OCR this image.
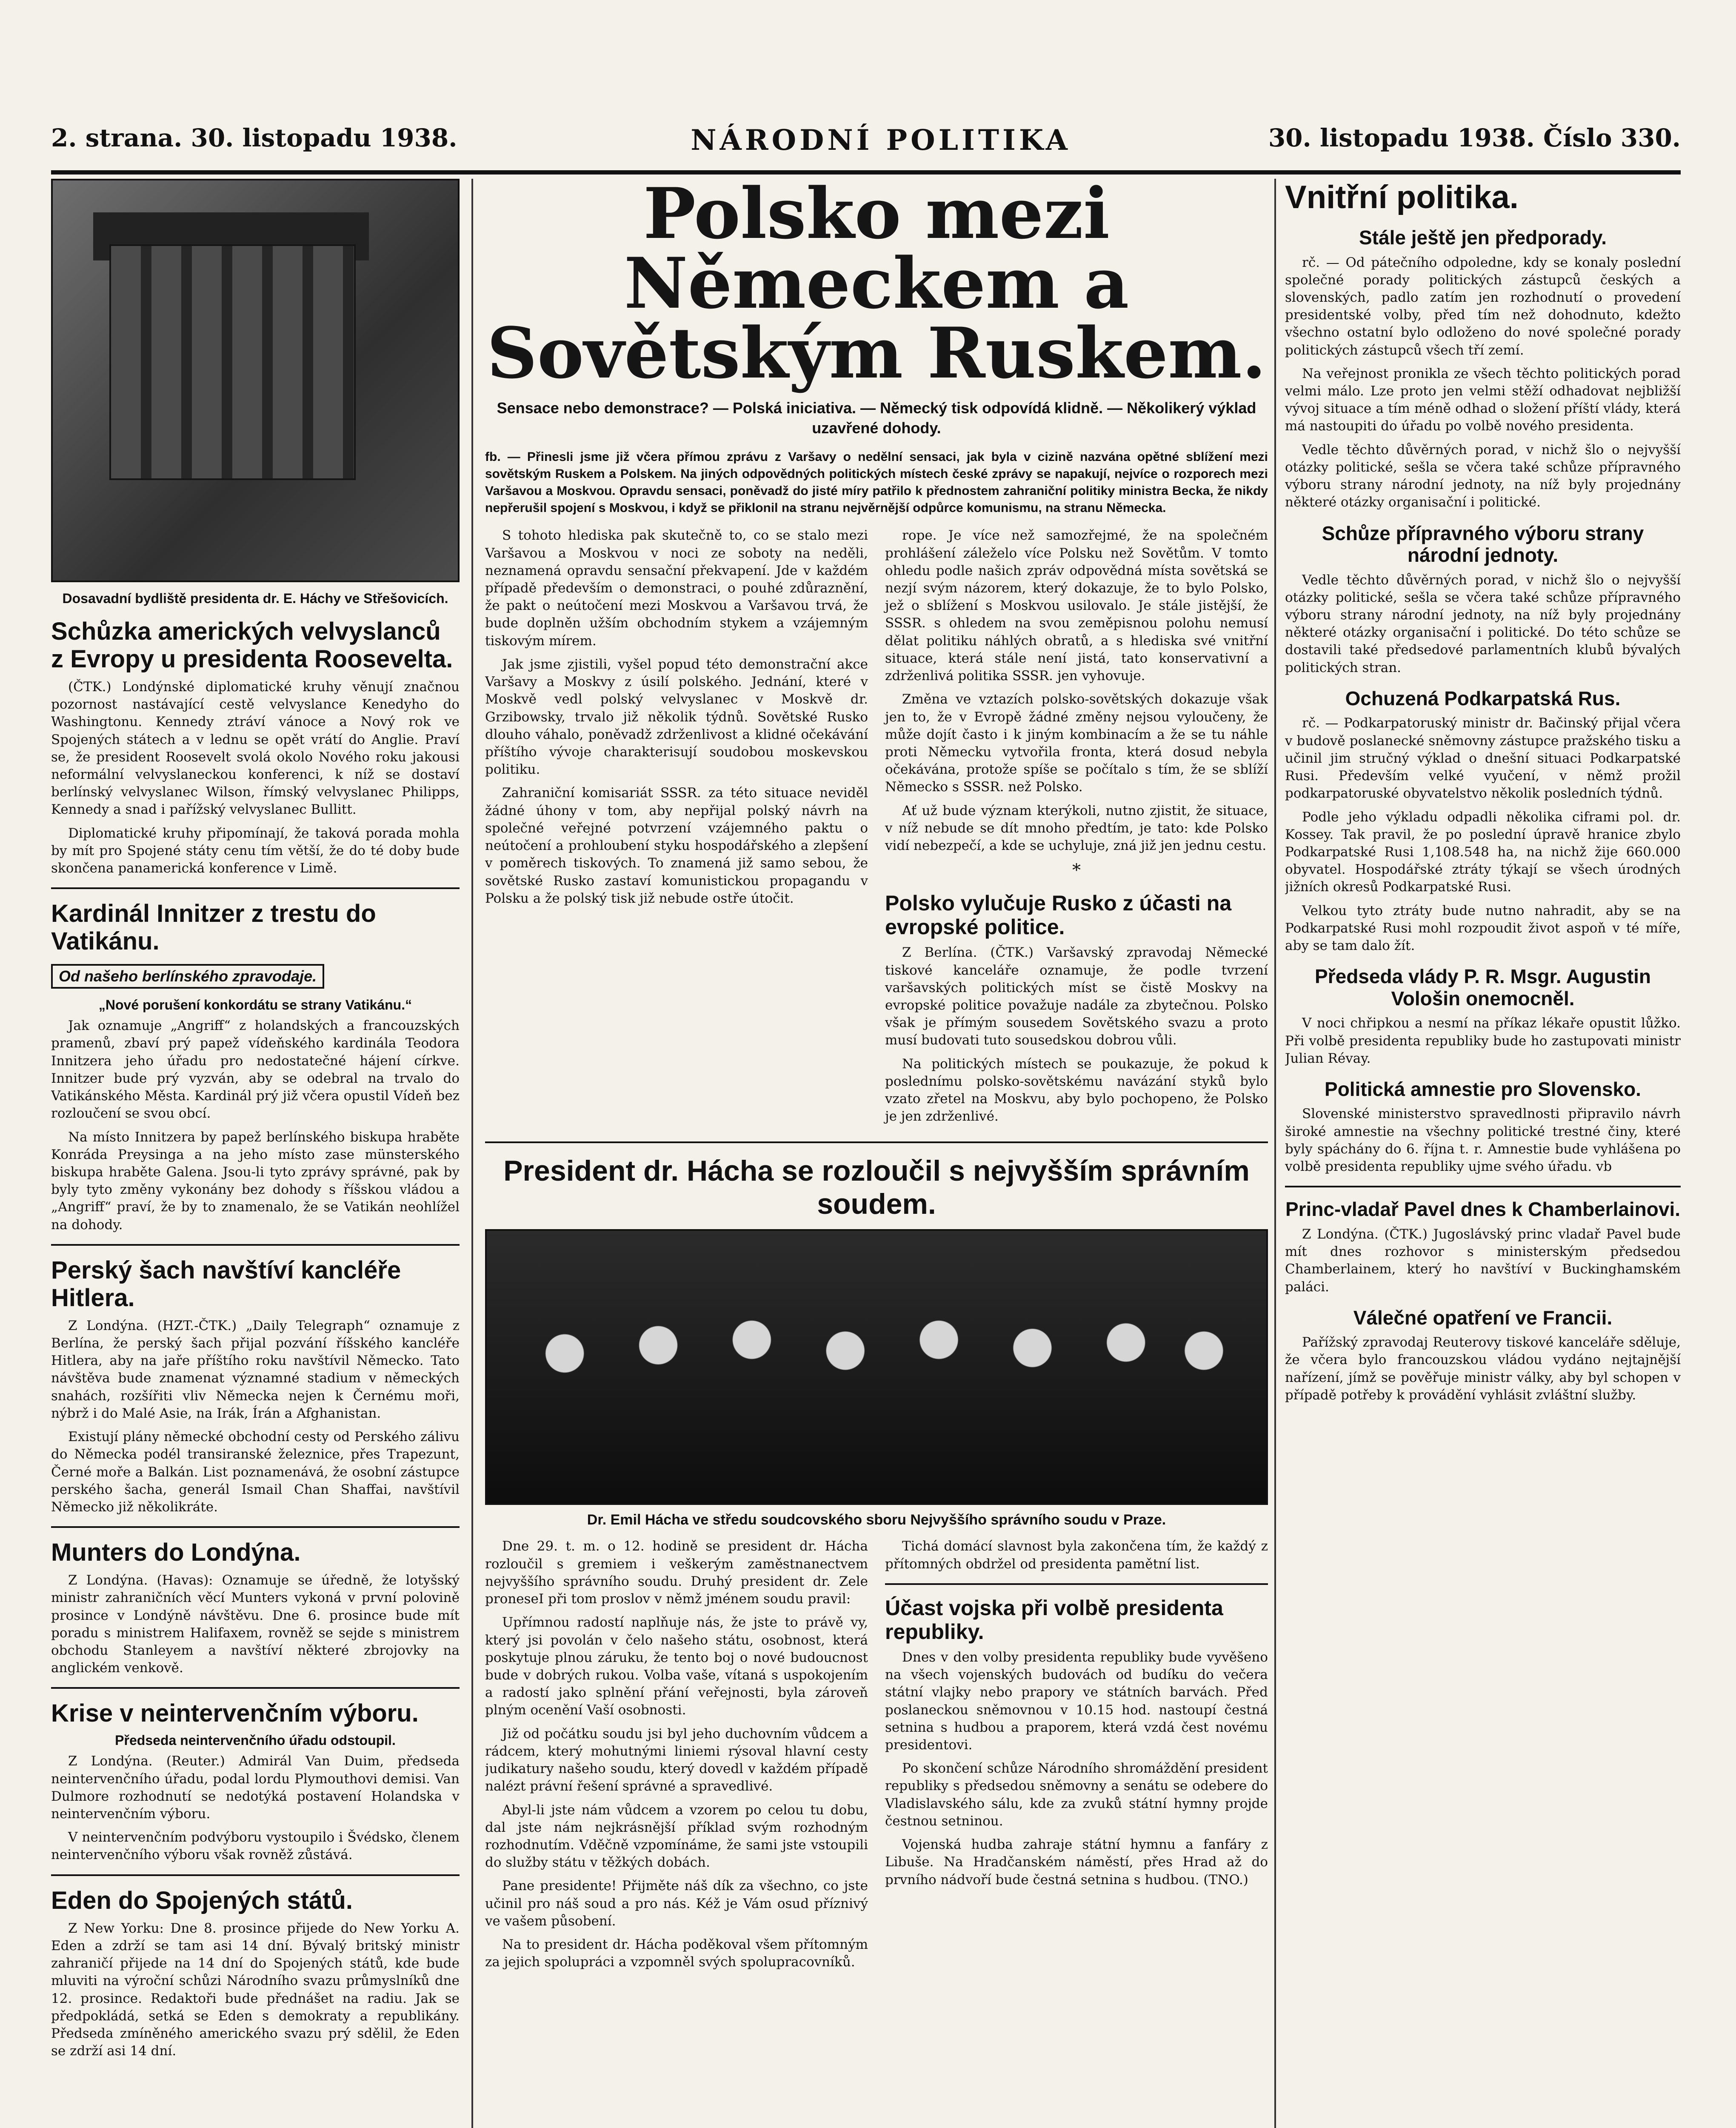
2. strana. 30. listopadu 1938.	NÁRODNÍ POLITIKA	30. listopadu 1938. Číslo 330.
Dosavadní bydliště presidenta dr. E. Háchy ve Střešovicích.
Schůzka amerických velvyslanců z Evropy u presidenta Roosevelta.

(ČTK.) Londýnské diplomatické kruhy věnují značnou pozornost nastávající cestě velvyslance Kenedyho do Washingtonu. Kennedy ztráví vánoce a Nový rok ve Spojených státech a v lednu se opět vrátí do Anglie. Praví se, že president Roosevelt svolá okolo Nového roku jakousi neformální velvyslaneckou konferenci, k níž se dostaví berlínský velvyslanec Wilson, římský velvyslanec Philipps, Kennedy a snad i pařížský velvyslanec Bullitt.

Diplomatické kruhy připomínají, že taková porada mohla by mít pro Spojené státy cenu tím větší, že do té doby bude skončena panamerická konference v Limě.

Kardinál Innitzer z trestu do Vatikánu.
Od našeho berlínského zpravodaje.
„Nové porušení konkordátu se strany Vatikánu.“

Jak oznamuje „Angriff“ z holandských a francouzských pramenů, zbaví prý papež vídeňského kardinála Teodora Innitzera jeho úřadu pro nedostatečné hájení církve. Innitzer bude prý vyzván, aby se odebral na trvalo do Vatikánského Města. Kardinál prý již včera opustil Vídeň bez rozloučení se svou obcí.

Na místo Innitzera by papež berlínského biskupa hraběte Konráda Preysinga a na jeho místo zase münsterského biskupa hraběte Galena. Jsou-li tyto zprávy správné, pak by byly tyto změny vykonány bez dohody s říšskou vládou a „Angriff“ praví, že by to znamenalo, že se Vatikán neohlížel na dohody.

Perský šach navštíví kancléře Hitlera.

Z Londýna. (HZT.-ČTK.) „Daily Telegraph“ oznamuje z Berlína, že perský šach přijal pozvání říšského kancléře Hitlera, aby na jaře příštího roku navštívil Německo. Tato návštěva bude znamenat významné stadium v německých snahách, rozšířiti vliv Německa nejen k Černému moři, nýbrž i do Malé Asie, na Irák, Írán a Afghanistan.

Existují plány německé obchodní cesty od Perského zálivu do Německa podél transiranské železnice, přes Trapezunt, Černé moře a Balkán. List poznamenává, že osobní zástupce perského šacha, generál Ismail Chan Shaffai, navštívil Německo již několikráte.

Munters do Londýna.

Z Londýna. (Havas): Oznamuje se úředně, že lotyšský ministr zahraničních věcí Munters vykoná v první polovině prosince v Londýně návštěvu. Dne 6. prosince bude mít poradu s ministrem Halifaxem, rovněž se sejde s ministrem obchodu Stanleyem a navštíví některé zbrojovky na anglickém venkově.

Krise v neintervenčním výboru.
Předseda neintervenčního úřadu odstoupil.

Z Londýna. (Reuter.) Admirál Van Duim, předseda neintervenčního úřadu, podal lordu Plymouthovi demisi. Van Dulmore rozhodnutí se nedotýká postavení Holandska v neintervenčním výboru.

V neintervenčním podvýboru vystoupilo i Švédsko, členem neintervenčního výboru však rovněž zůstává.

Eden do Spojených států.

Z New Yorku: Dne 8. prosince přijede do New Yorku A. Eden a zdrží se tam asi 14 dní. Bývalý britský ministr zahraničí přijede na 14 dní do Spojených států, kde bude mluviti na výroční schůzi Národního svazu průmyslníků dne 12. prosince. Redaktoři bude přednášet na radiu. Jak se předpokládá, setká se Eden s demokraty a republikány. Předseda zmíněného amerického svazu prý sdělil, že Eden se zdrží asi 14 dní.

Polsko mezi Německem a Sovětským Ruskem.
Sensace nebo demonstrace? — Polská iniciativa. — Německý tisk odpovídá klidně. — Několikerý výklad uzavřené dohody.
fb. — Přinesli jsme již včera přímou zprávu z Varšavy o nedělní sensaci, jak byla v cizině nazvána opětné sblížení mezi sovětským Ruskem a Polskem. Na jiných odpovědných politických místech české zprávy se napakují, nejvíce o rozporech mezi Varšavou a Moskvou. Opravdu sensaci, poněvadž do jisté míry patřilo k přednostem zahraniční politiky ministra Becka, že nikdy nepřerušil spojení s Moskvou, i když se přiklonil na stranu nejvěrnější odpůrce komunismu, na stranu Německa.

S tohoto hlediska pak skutečně to, co se stalo mezi Varšavou a Moskvou v noci ze soboty na neděli, neznamená opravdu sensační překvapení. Jde v každém případě především o demonstraci, o pouhé zdůraznění, že pakt o neútočení mezi Moskvou a Varšavou trvá, že bude doplněn užším obchodním stykem a vzájemným tiskovým mírem.

Jak jsme zjistili, vyšel popud této demonstrační akce Varšavy a Moskvy z úsilí polského. Jednání, které v Moskvě vedl polský velvyslanec v Moskvě dr. Grzibowsky, trvalo již několik týdnů. Sovětské Rusko dlouho váhalo, poněvadž zdrženlivost a klidné očekávání příštího vývoje charakterisují soudobou moskevskou politiku.

Zahraniční komisariát SSSR. za této situace neviděl žádné úhony v tom, aby nepřijal polský návrh na společné veřejné potvrzení vzájemného paktu o neútočení a prohloubení styku hospodářského a zlepšení v poměrech tiskových. To znamená již samo sebou, že sovětské Rusko zastaví komunistickou propagandu v Polsku a že polský tisk již nebude ostře útočit.

rope. Je více než samozřejmé, že na společném prohlášení záleželo více Polsku než Sovětům. V tomto ohledu podle našich zpráv odpovědná místa sovětská se nezjí svým názorem, který dokazuje, že to bylo Polsko, jež o sblížení s Moskvou usilovalo. Je stále jistější, že SSSR. s ohledem na svou zeměpisnou polohu nemusí dělat politiku náhlých obratů, a s hlediska své vnitřní situace, která stále není jistá, tato konservativní a zdrženlivá politika SSSR. jen vyhovuje.

Změna ve vztazích polsko-sovětských dokazuje však jen to, že v Evropě žádné změny nejsou vyloučeny, že může dojít často i k jiným kombinacím a že se tu náhle proti Německu vytvořila fronta, která dosud nebyla očekávána, protože spíše se počítalo s tím, že se sblíží Německo s SSSR. než Polsko.

Ať už bude význam kterýkoli, nutno zjistit, že situace, v níž nebude se dít mnoho předtím, je tato: kde Polsko vidí nebezpečí, a kde se uchyluje, zná již jen jednu cestu.

*
Polsko vylučuje Rusko z účasti na evropské politice.

Z Berlína. (ČTK.) Varšavský zpravodaj Německé tiskové kanceláře oznamuje, že podle tvrzení varšavských politických míst se čistě Moskvy na evropské politice považuje nadále za zbytečnou. Polsko však je přímým sousedem Sovětského svazu a proto musí budovati tuto sousedskou dobrou vůli.

Na politických místech se poukazuje, že pokud k poslednímu polsko-sovětskému navázání styků bylo vzato zřetel na Moskvu, aby bylo pochopeno, že Polsko je jen zdrženlivé.

President dr. Hácha se rozloučil s nejvyšším správním soudem.
Dr. Emil Hácha ve středu soudcovského sboru Nejvyššího správního soudu v Praze.

Dne 29. t. m. o 12. hodině se president dr. Hácha rozloučil s gremiem i veškerým zaměstnanectvem nejvyššího správního soudu. Druhý president dr. Zele proneseI při tom proslov v němž jménem soudu pravil:

Upřímnou radostí naplňuje nás, že jste to právě vy, který jsi povolán v čelo našeho státu, osobnost, která poskytuje plnou záruku, že tento boj o nové budoucnost bude v dobrých rukou. Volba vaše, vítaná s uspokojením a radostí jako splnění přání veřejnosti, byla zároveň plným ocenění Vaší osobnosti.

Již od počátku soudu jsi byl jeho duchovním vůdcem a rádcem, který mohutnými liniemi rýsoval hlavní cesty judikatury našeho soudu, který dovedl v každém případě nalézt právní řešení správné a spravedlivé.

Abyl-li jste nám vůdcem a vzorem po celou tu dobu, dal jste nám nejkrásnější příklad svým rozhodným rozhodnutím. Vděčně vzpomínáme, že sami jste vstoupili do služby státu v těžkých dobách.

Pane presidente! Přijměte náš dík za všechno, co jste učinil pro náš soud a pro nás. Kéž je Vám osud příznivý ve vašem působení.

Na to president dr. Hácha poděkoval všem přítomným za jejich spolupráci a vzpomněl svých spolupracovníků.

Tichá domácí slavnost byla zakončena tím, že každý z přítomných obdržel od presidenta pamětní list.

Účast vojska při volbě presidenta republiky.

Dnes v den volby presidenta republiky bude vyvěšeno na všech vojenských budovách od budíku do večera státní vlajky nebo prapory ve státních barvách. Před poslaneckou sněmovnou v 10.15 hod. nastoupí čestná setnina s hudbou a praporem, která vzdá čest novému presidentovi.

Po skončení schůze Národního shromáždění president republiky s předsedou sněmovny a senátu se odebere do Vladislavského sálu, kde za zvuků státní hymny projde čestnou setninou.

Vojenská hudba zahraje státní hymnu a fanfáry z Libuše. Na Hradčanském náměstí, přes Hrad až do prvního nádvoří bude čestná setnina s hudbou. (TNO.)

Vnitřní politika.
Stále ještě jen předporady.

rč. — Od pátečního odpoledne, kdy se konaly poslední společné porady politických zástupců českých a slovenských, padlo zatím jen rozhodnutí o provedení presidentské volby, před tím než dohodnuto, kdežto všechno ostatní bylo odloženo do nové společné porady politických zástupců všech tří zemí.

Na veřejnost pronikla ze všech těchto politických porad velmi málo. Lze proto jen velmi stěží odhadovat nejbližší vývoj situace a tím méně odhad o složení příští vlády, která má nastoupiti do úřadu po volbě nového presidenta.

Vedle těchto důvěrných porad, v nichž šlo o nejvyšší otázky politické, sešla se včera také schůze přípravného výboru strany národní jednoty, na níž byly projednány některé otázky organisační i politické.

Schůze přípravného výboru strany národní jednoty.

Vedle těchto důvěrných porad, v nichž šlo o nejvyšší otázky politické, sešla se včera také schůze přípravného výboru strany národní jednoty, na níž byly projednány některé otázky organisační i politické. Do této schůze se dostavili také předsedové parlamentních klubů bývalých politických stran.

Ochuzená Podkarpatská Rus.

rč. — Podkarpatoruský ministr dr. Bačinský přijal včera v budově poslanecké sněmovny zástupce pražského tisku a učinil jim stručný výklad o dnešní situaci Podkarpatské Rusi. Především velké vyučení, v němž prožil podkarpatoruské obyvatelstvo několik posledních týdnů.

Podle jeho výkladu odpadli několika ciframi pol. dr. Kossey. Tak pravil, že po poslední úpravě hranice zbylo Podkarpatské Rusi 1,108.548 ha, na nichž žije 660.000 obyvatel. Hospodářské ztráty týkají se všech úrodných jižních okresů Podkarpatské Rusi.

Velkou tyto ztráty bude nutno nahradit, aby se na Podkarpatské Rusi mohl rozpoudit život aspoň v té míře, aby se tam dalo žít.

Předseda vlády P. R. Msgr. Augustin Vološin onemocněl.

V noci chřipkou a nesmí na příkaz lékaře opustit lůžko. Při volbě presidenta republiky bude ho zastupovati ministr Julian Révay.

Politická amnestie pro Slovensko.

Slovenské ministerstvo spravedlnosti připravilo návrh široké amnestie na všechny politické trestné činy, které byly spáchány do 6. října t. r. Amnestie bude vyhlášena po volbě presidenta republiky ujme svého úřadu. vb

Princ-vladař Pavel dnes k Chamberlainovi.

Z Londýna. (ČTK.) Jugoslávský princ vladař Pavel bude mít dnes rozhovor s ministerským předsedou Chamberlainem, který ho navštíví v Buckinghamském paláci.

Válečné opatření ve Francii.

Pařížský zpravodaj Reuterovy tiskové kanceláře sděluje, že včera bylo francouzskou vládou vydáno nejtajnější nařízení, jímž se pověřuje ministr války, aby byl schopen v případě potřeby k provádění vyhlásit zvláštní služby.
